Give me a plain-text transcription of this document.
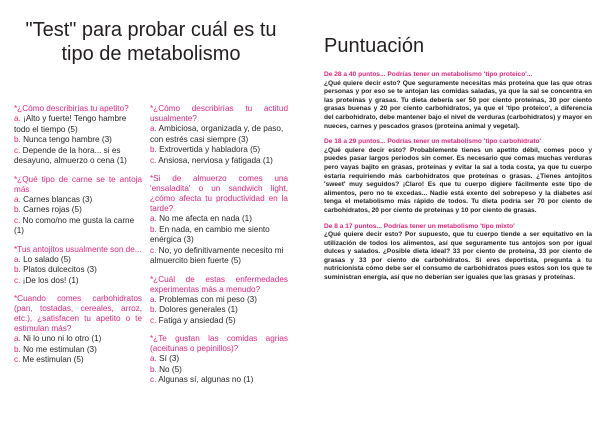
"Test" para probar cuál es tu tipo de metabolismo
*¿Cómo describirías tu apetito?
a. ¡Alto y fuerte! Tengo hambre todo el tiempo (5)
b. Nunca tengo hambre (3)
c. Depende de la hora... si es desayuno, almuerzo o cena (1)
*¿Qué tipo de carne se te antoja más
a. Carnes blancas (3)
b. Carnes rojas (5)
c. No como/no me gusta la carne (1)
*Tus antojitos usualmente son de...
a. Lo salado (5)
b. Platos dulcecitos (3)
c. ¡De los dos! (1)
*Cuando comes carbohidratos (pan, tostadas, cereales, arroz, etc.), ¿satisfacen tu apetito o te estimulan más?
a. Ni lo uno ni lo otro (1)
b. No me estimulan (3)
c. Me estimulan (5)
*¿Cómo describirías tu actitud usualmente?
a. Ambiciosa, organizada y, de paso, con estrés casi siempre (3)
b. Extrovertida y habladora (5)
c. Ansiosa, nerviosa y fatigada (1)
*Si de almuerzo comes una 'ensaladita' o un sandwich light, ¿cómo afecta tu productividad en la tarde?
a. No me afecta en nada (1)
b. En nada, en cambio me siento enérgica (3)
c. No, yo definitivamente necesito mi almuercito bien fuerte (5)
*¿Cuál de estas enfermedades experimentas más a menudo?
a. Problemas con mi peso (3)
b. Dolores generales (1)
c. Fatiga y ansiedad (5)
*¿Te gustan las comidas agrias (aceitunas o pepinillos)?
a. Sí (3)
b. No (5)
c. Algunas sí, algunas no (1)
Puntuación
De 28 a 40 puntos... Podrías tener un metabolismo 'tipo proteico'...
¿Qué quiere decir esto? Que seguramente necesitas más proteína que las que otras personas y por eso se te antojan las comidas saladas, ya que la sal se concentra en las proteínas y grasas. Tu dieta debería ser 50 por ciento proteínas, 30 por ciento grasas buenas y 20 por ciento carbohidratos, ya que el 'tipo proteico', a diferencia del carbohidrato, debe mantener bajo el nivel de verduras (carbohidratos) y mayor en nueces, carnes y pescados grasos (proteína animal y vegetal).
De 18 a 29 puntos... Podrías tener un metabolismo 'tipo carbohidrato'
¿Qué quiere decir esto? Probablemente tienes un apetito débil, comes poco y puedes pasar largos periodos sin comer. Es necesario que comas muchas verduras pero vayas bajito en grasas, proteínas y evitar la sal a toda costa, ya que tu cuerpo estaría requiriendo más carbohidratos que proteínas o grasas. ¿Tienes antojitos 'sweet' muy seguidos? ¡Claro! Es que tu cuerpo digiere fácilmente este tipo de alimentos, pero no te excedas... Nadie está exento del sobrepeso y la diabetes así tenga el metabolismo más rápido de todos. Tu dieta podría ser 70 por ciento de carbohidratos, 20 por ciento de proteínas y 10 por ciento de grasas.
De 8 a 17 puntos... Podrías tener un metabolismo 'tipo mixto'
¿Qué quiere decir esto? Por supuesto, que tu cuerpo tiende a ser equitativo en la utilización de todos los alimentos, así que seguramente tus antojos son por igual dulces y salados. ¿Posible dieta ideal? 33 por ciento de proteína, 33 por ciento de grasas y 33 por ciento de carbohidratos. Si eres deportista, pregunta a tu nutricionista cómo debe ser el consumo de carbohidratos pues estos son los que te suministran energía, así que no deberían ser iguales que las grasas y proteínas.
